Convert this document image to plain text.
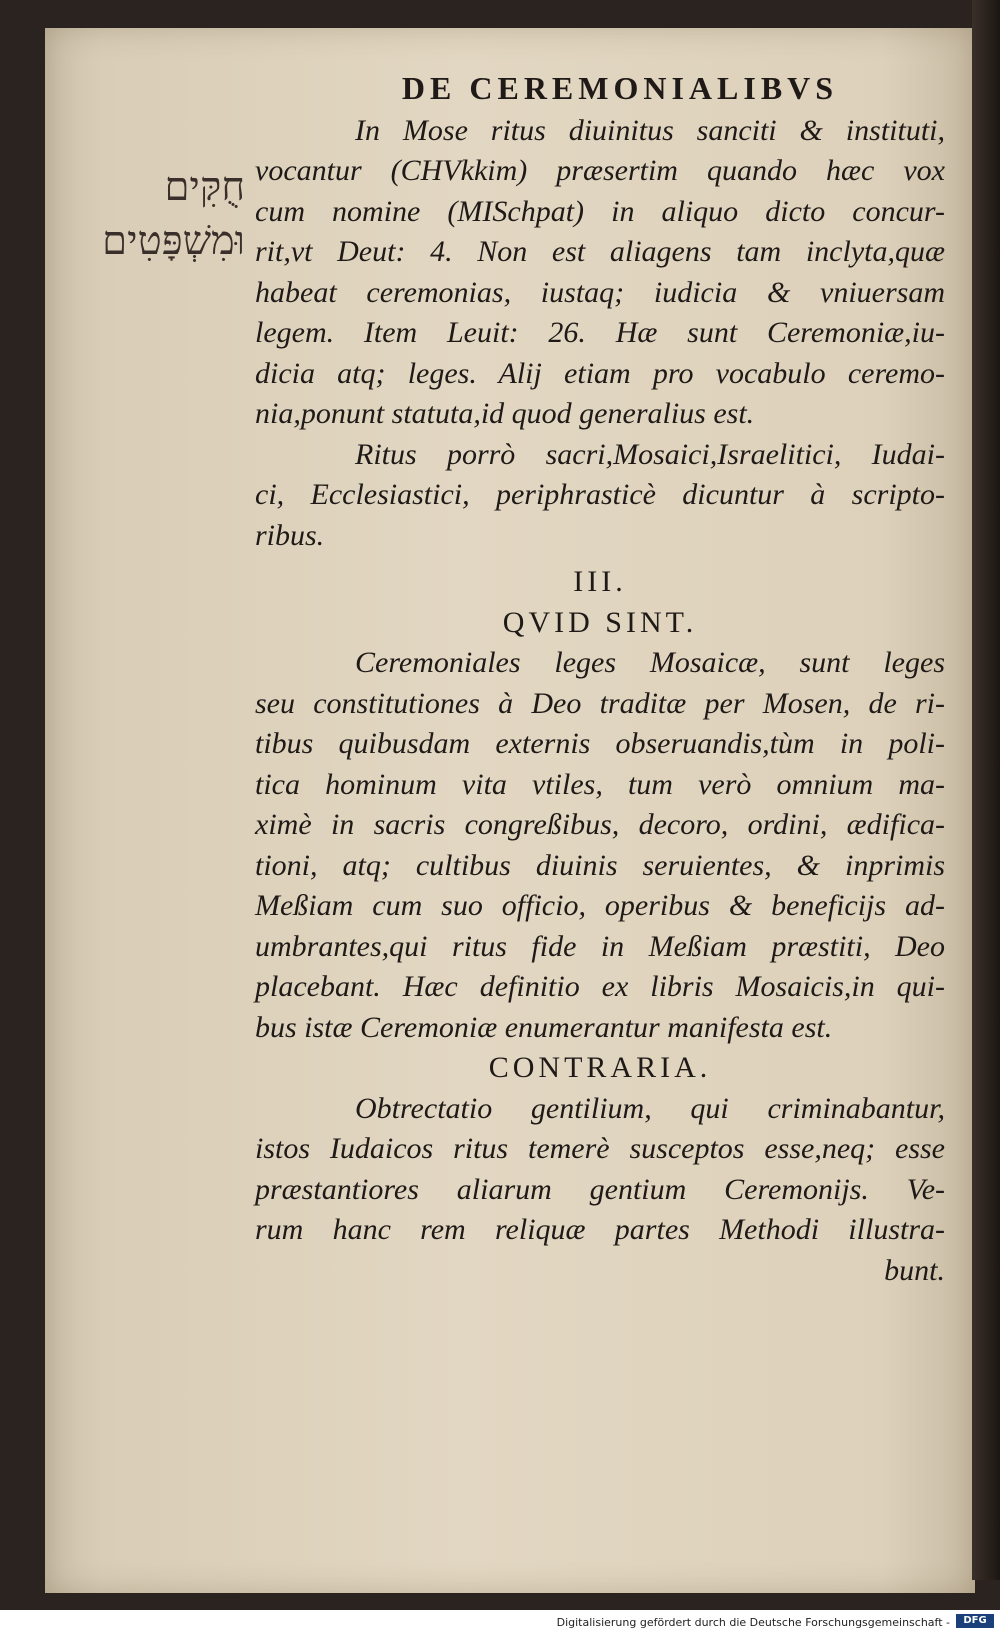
חֻקִּים
וּמִשְׁפָּטִים
DE CEREMONIALIBVS
In Mose ritus diuinitus sanciti & instituti,
vocantur (CHVkkim) præsertim quando hæc vox
cum nomine (MISchpat) in aliquo dicto concur-
rit,vt Deut: 4. Non est aliagens tam inclyta,quæ
habeat ceremonias, iustaq; iudicia & vniuersam
legem. Item Leuit: 26. Hæ sunt Ceremoniæ,iu-
dicia atq; leges. Alij etiam pro vocabulo ceremo-
nia,ponunt statuta,id quod generalius est.
Ritus porrò sacri,Mosaici,Israelitici, Iudai-
ci, Ecclesiastici, periphrasticè dicuntur à scripto-
ribus.
III.
QVID SINT.
Ceremoniales leges Mosaicæ, sunt leges
seu constitutiones à Deo traditæ per Mosen, de ri-
tibus quibusdam externis obseruandis,tùm in poli-
tica hominum vita vtiles, tum verò omnium ma-
ximè in sacris congreßibus, decoro, ordini, ædifica-
tioni, atq; cultibus diuinis seruientes, & inprimis
Meßiam cum suo officio, operibus & beneficijs ad-
umbrantes,qui ritus fide in Meßiam præstiti, Deo
placebant. Hæc definitio ex libris Mosaicis,in qui-
bus istæ Ceremoniæ enumerantur manifesta est.
CONTRARIA.
Obtrectatio gentilium, qui criminabantur,
istos Iudaicos ritus temerè susceptos esse,neq; esse
præstantiores aliarum gentium Ceremonijs. Ve-
rum hanc rem reliquæ partes Methodi illustra-
bunt.
Digitalisierung gefördert durch die Deutsche Forschungsgemeinschaft -	DFG
